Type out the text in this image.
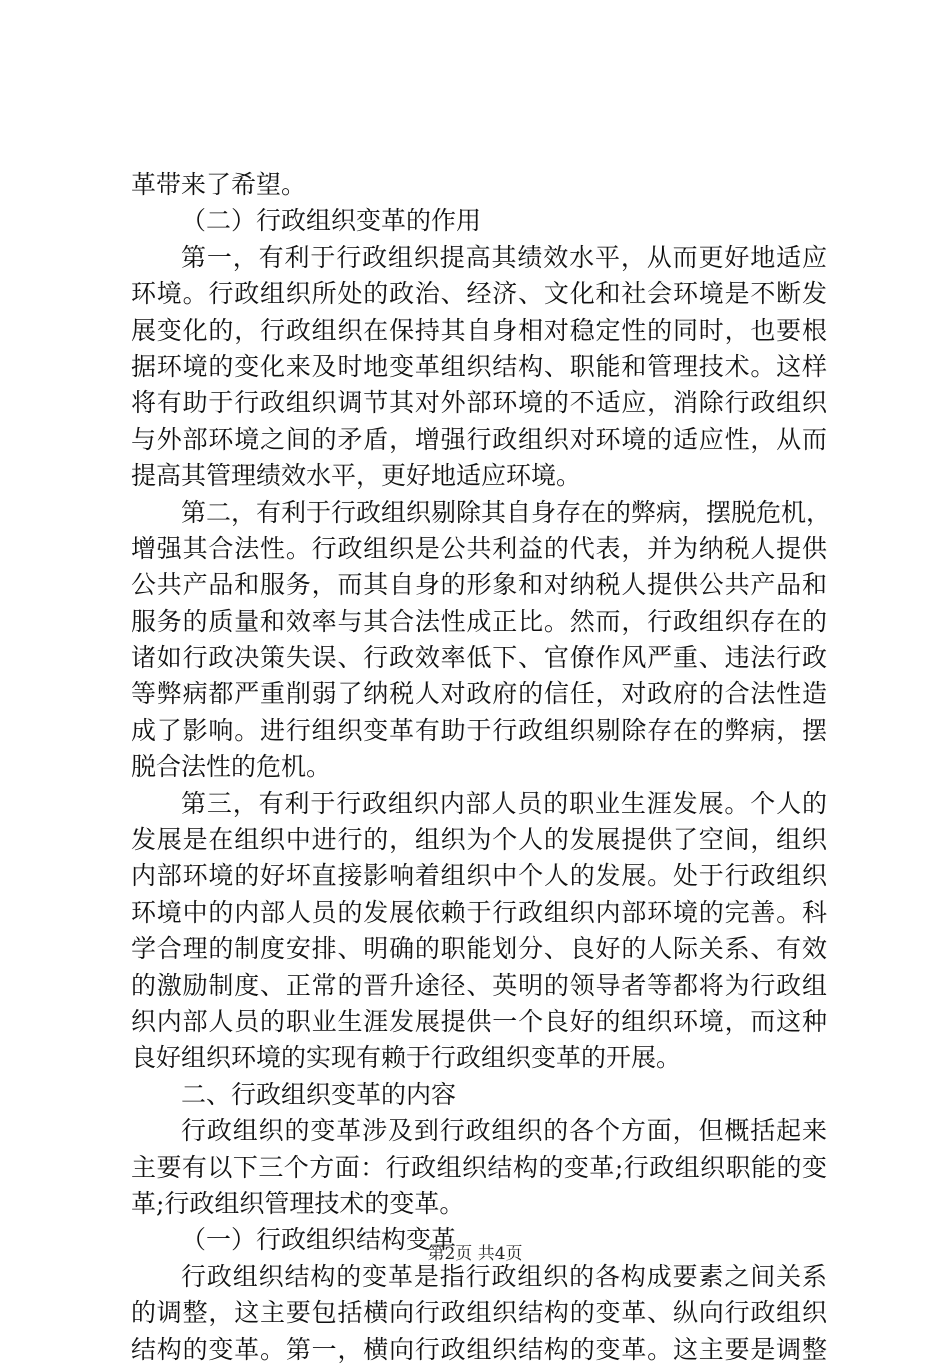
革带来了希望。
（二）行政组织变革的作用
第一，有利于行政组织提高其绩效水平，从而更好地适应
环境。行政组织所处的政治、经济、文化和社会环境是不断发
展变化的，行政组织在保持其自身相对稳定性的同时，也要根
据环境的变化来及时地变革组织结构、职能和管理技术。这样
将有助于行政组织调节其对外部环境的不适应，消除行政组织
与外部环境之间的矛盾，增强行政组织对环境的适应性，从而
提高其管理绩效水平，更好地适应环境。
第二，有利于行政组织剔除其自身存在的弊病，摆脱危机，
增强其合法性。行政组织是公共利益的代表，并为纳税人提供
公共产品和服务，而其自身的形象和对纳税人提供公共产品和
服务的质量和效率与其合法性成正比。然而，行政组织存在的
诸如行政决策失误、行政效率低下、官僚作风严重、违法行政
等弊病都严重削弱了纳税人对政府的信任，对政府的合法性造
成了影响。进行组织变革有助于行政组织剔除存在的弊病，摆
脱合法性的危机。
第三，有利于行政组织内部人员的职业生涯发展。个人的
发展是在组织中进行的，组织为个人的发展提供了空间，组织
内部环境的好坏直接影响着组织中个人的发展。处于行政组织
环境中的内部人员的发展依赖于行政组织内部环境的完善。科
学合理的制度安排、明确的职能划分、良好的人际关系、有效
的激励制度、正常的晋升途径、英明的领导者等都将为行政组
织内部人员的职业生涯发展提供一个良好的组织环境，而这种
良好组织环境的实现有赖于行政组织变革的开展。
二、行政组织变革的内容
行政组织的变革涉及到行政组织的各个方面，但概括起来
主要有以下三个方面：行政组织结构的变革;行政组织职能的变
革;行政组织管理技术的变革。
（一）行政组织结构变革
行政组织结构的变革是指行政组织的各构成要素之间关系
的调整，这主要包括横向行政组织结构的变革、纵向行政组织
结构的变革。第一，横向行政组织结构的变革。这主要是调整
第2页 共4页
